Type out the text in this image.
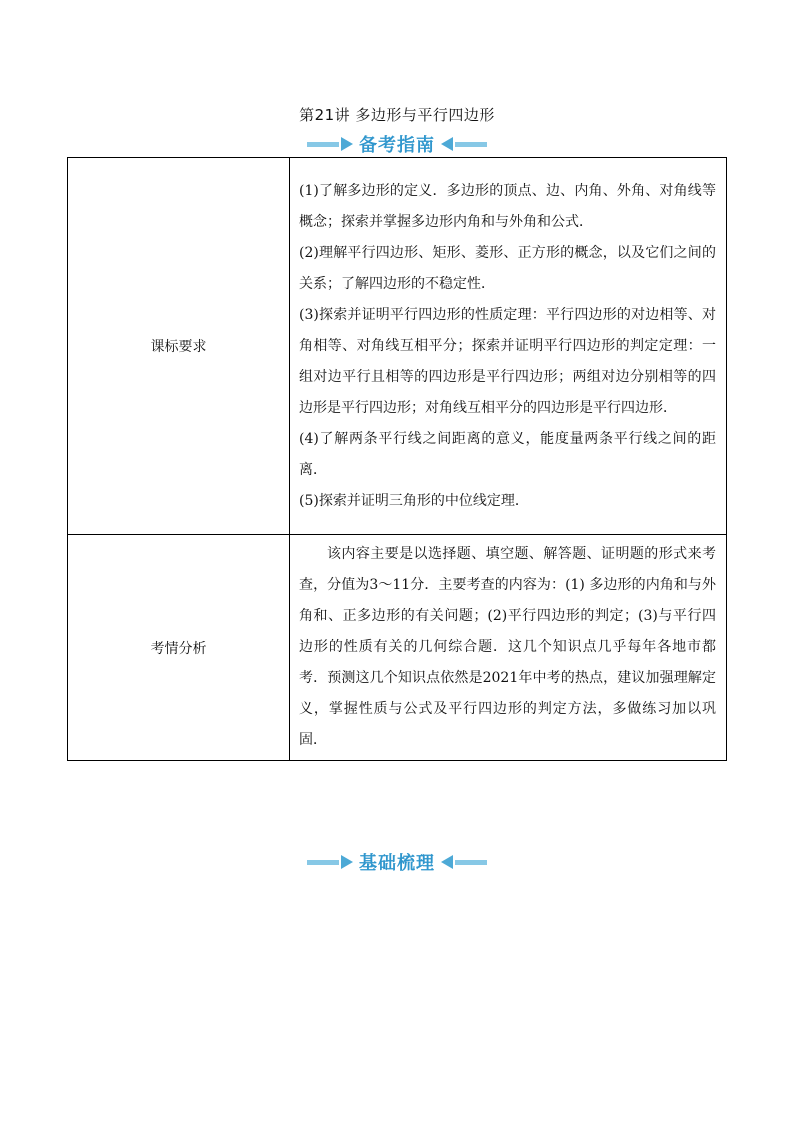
第21讲 多边形与平行四边形
备考指南
课标要求	(1)了解多边形的定义．多边形的顶点、边、内角、外角、对角线等概念；探索并掌握多边形内角和与外角和公式．

(2)理解平行四边形、矩形、菱形、正方形的概念，以及它们之间的关系；了解四边形的不稳定性．

(3)探索并证明平行四边形的性质定理：平行四边形的对边相等、对角相等、对角线互相平分；探索并证明平行四边形的判定定理：一组对边平行且相等的四边形是平行四边形；两组对边分别相等的四边形是平行四边形；对角线互相平分的四边形是平行四边形．

(4)了解两条平行线之间距离的意义，能度量两条平行线之间的距离．

(5)探索并证明三角形的中位线定理．

考情分析	该内容主要是以选择题、填空题、解答题、证明题的形式来考查，分值为3～11分．主要考查的内容为：(1) 多边形的内角和与外角和、正多边形的有关问题；(2)平行四边形的判定；(3)与平行四边形的性质有关的几何综合题．这几个知识点几乎每年各地市都考．预测这几个知识点依然是2021年中考的热点，建议加强理解定义，掌握性质与公式及平行四边形的判定方法，多做练习加以巩固．

基础梳理
